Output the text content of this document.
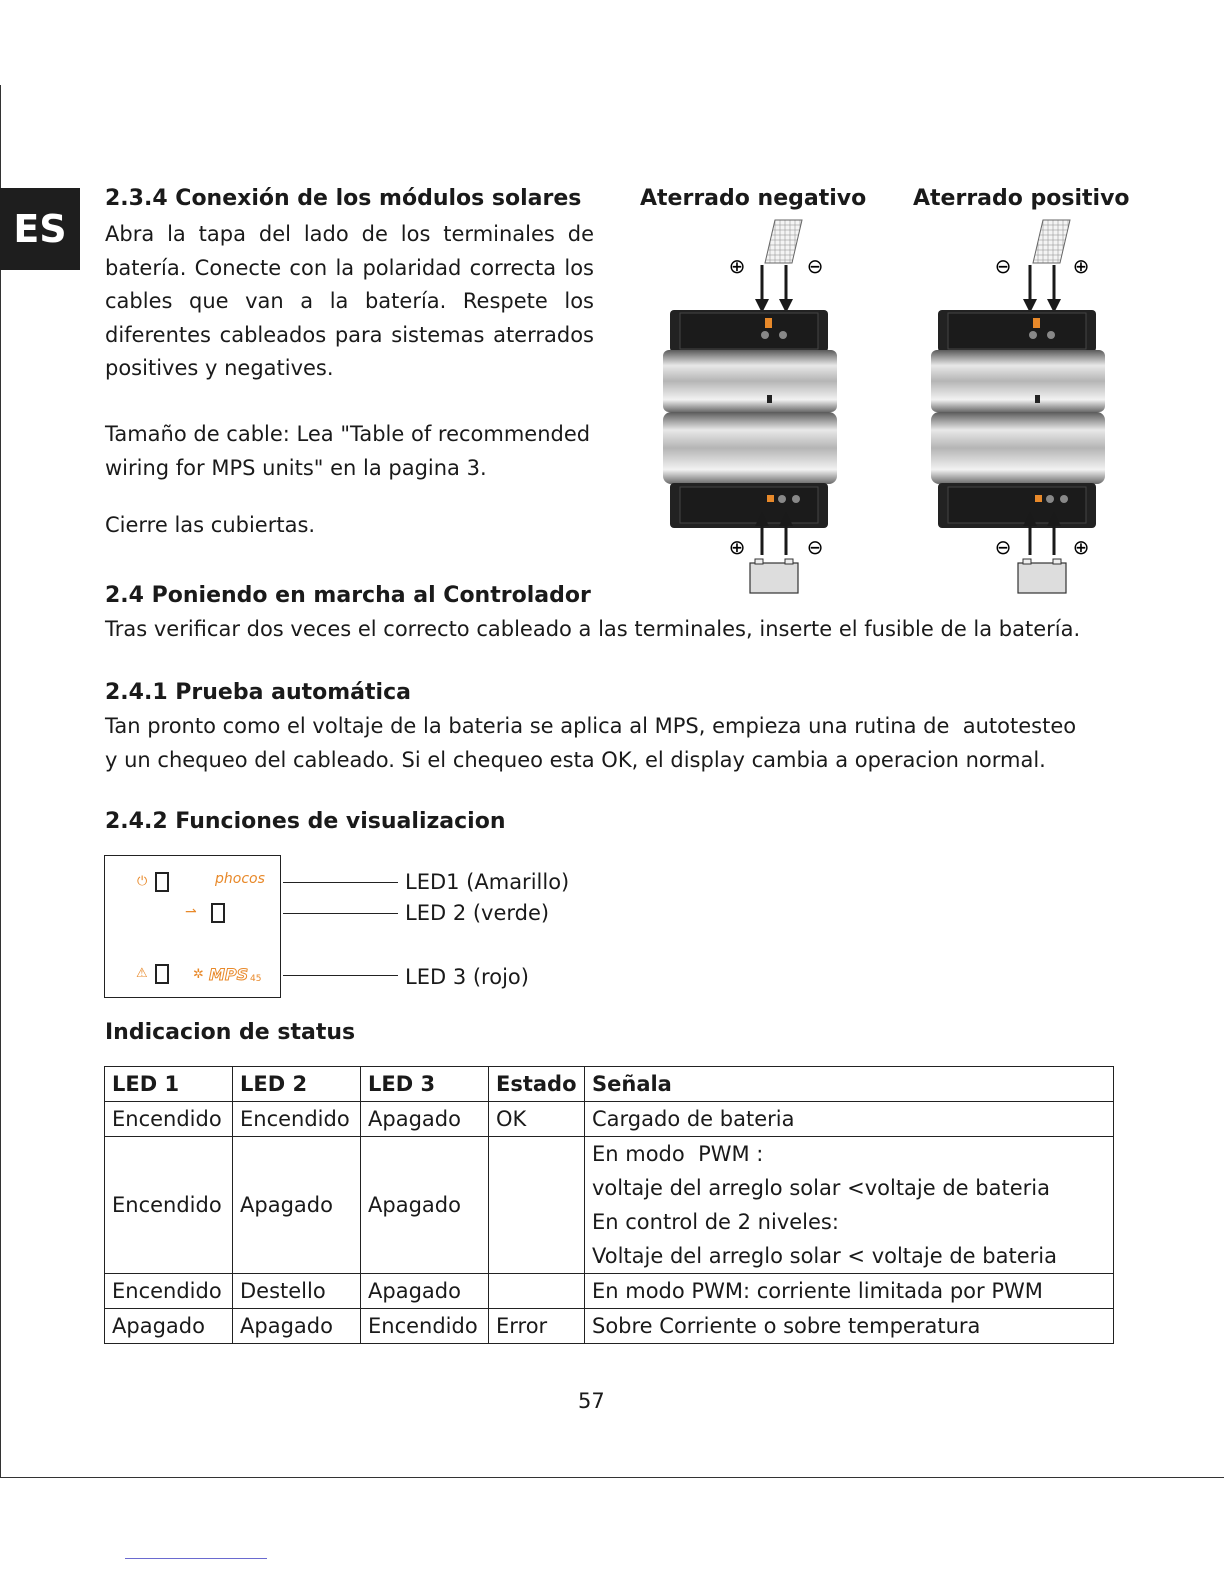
ES
2.3.4 Conexión de los módulos solares

Abra la tapa del lado de los terminales de

batería. Conecte con la polaridad correcta los

cables que van a la batería. Respete los

diferentes cableados para sistemas aterrados

positives y negatives.

Tamaño de cable: Lea "Table of recommended

wiring for MPS units" en la pagina 3.

Cierre las cubiertas.

Aterrado negativo Aterrado positivo
⊕	⊖
⊕	⊖
⊖	⊕
⊖	⊕
2.4 Poniendo en marcha al Controlador

Tras verificar dos veces el correcto cableado a las terminales, inserte el fusible de la batería.

2.4.1 Prueba automática

Tan pronto como el voltaje de la bateria se aplica al MPS, empieza una rutina de  autotesteo

y un chequeo del cableado. Si el chequeo esta OK, el display cambia a operacion normal.

2.4.2 Funciones de visualizacion
⏻	phocos
⇀
⚠	✲ MPS 45

LED1 (Amarillo)

LED 2 (verde)

LED 3 (rojo)

Indicacion de status
LED 1	LED 2	LED 3	Estado	Señala
Encendido	Encendido	Apagado	OK	Cargado de bateria
Encendido	Apagado	Apagado		En modo  PWM :
voltaje del arreglo solar <voltaje de bateria
En control de 2 niveles:
Voltaje del arreglo solar < voltaje de bateria

Encendido	Destello	Apagado		En modo PWM: corriente limitada por PWM
Apagado	Apagado	Encendido	Error	Sobre Corriente o sobre temperatura
57
